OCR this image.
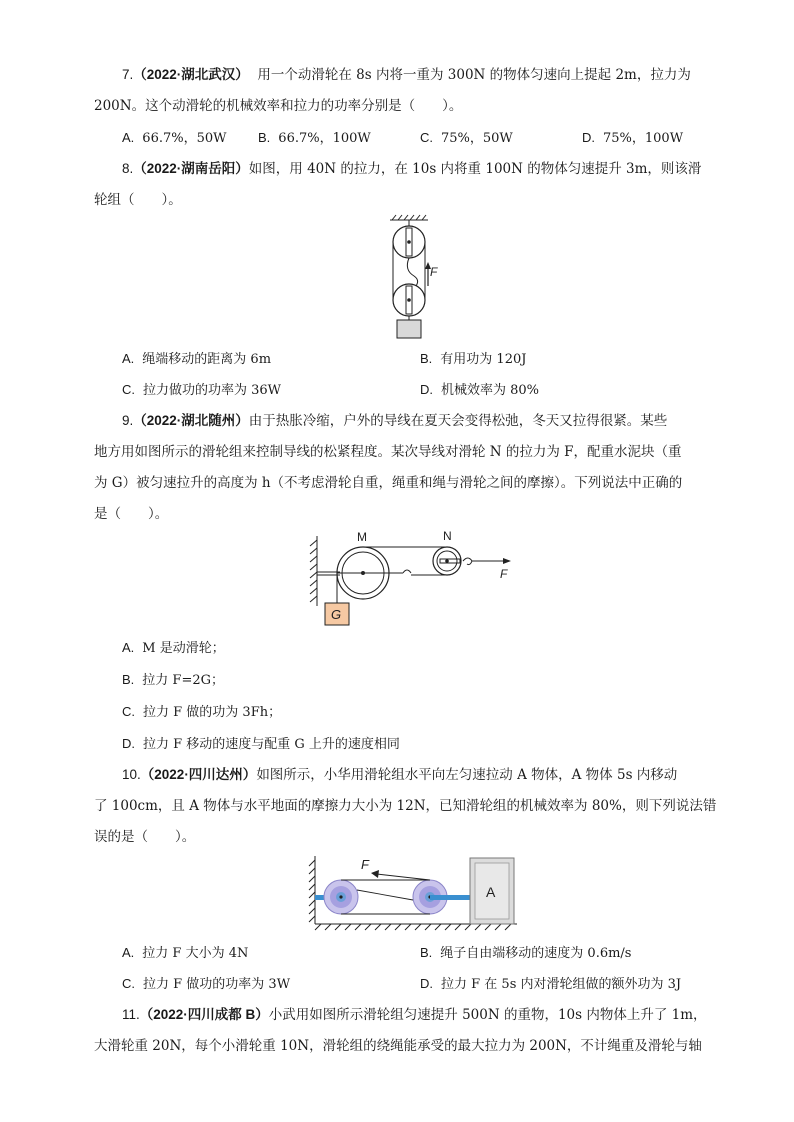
7.（2022·湖北武汉） 用一个动滑轮在 8s 内将一重为 300N 的物体匀速向上提起 2m，拉力为
200N。这个动滑轮的机械效率和拉力的功率分别是（　　）。
A. 66.7%，50W B. 66.7%，100W	C. 75%，50W	D. 75%，100W
8.（2022·湖南岳阳）如图，用 40N 的拉力，在 10s 内将重 100N 的物体匀速提升 3m，则该滑
轮组（　　）。
F
A. 绳端移动的距离为 6m	B. 有用功为 120J
C. 拉力做功的功率为 36W	D. 机械效率为 80%
9.（2022·湖北随州）由于热胀冷缩，户外的导线在夏天会变得松弛，冬天又拉得很紧。某些
地方用如图所示的滑轮组来控制导线的松紧程度。某次导线对滑轮 N 的拉力为 F，配重水泥块（重
为 G）被匀速拉升的高度为 h（不考虑滑轮自重，绳重和绳与滑轮之间的摩擦）。下列说法中正确的
是（　　）。
M	N
F
G
A. M 是动滑轮；
B. 拉力 F=2G；
C. 拉力 F 做的功为 3Fh；
D. 拉力 F 移动的速度与配重 G 上升的速度相同
10.（2022·四川达州）如图所示，小华用滑轮组水平向左匀速拉动 A 物体，A 物体 5s 内移动
了 100cm，且 A 物体与水平地面的摩擦力大小为 12N，已知滑轮组的机械效率为 80%，则下列说法错
误的是（　　）。
F
A
A. 拉力 F 大小为 4N	B. 绳子自由端移动的速度为 0.6m/s
C. 拉力 F 做功的功率为 3W	D. 拉力 F 在 5s 内对滑轮组做的额外功为 3J
11.（2022·四川成都 B）小武用如图所示滑轮组匀速提升 500N 的重物，10s 内物体上升了 1m，
大滑轮重 20N，每个小滑轮重 10N，滑轮组的绕绳能承受的最大拉力为 200N，不计绳重及滑轮与轴
